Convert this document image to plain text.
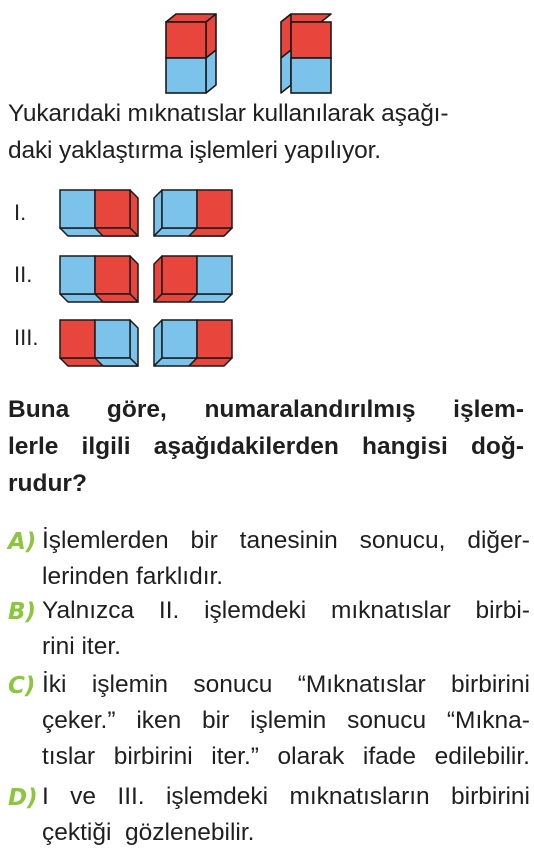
Yukarıdaki mıknatıslar kullanılarak aşağı-
daki yaklaştırma işlemleri yapılıyor.
I.
II.
III.
Buna göre, numaralandırılmış işlem-
lerle ilgili aşağıdakilerden hangisi doğ-
rudur?
A) İşlemlerden bir tanesinin sonucu, diğer-
lerinden farklıdır.
B) Yalnızca II. işlemdeki mıknatıslar birbi-
rini iter.
C) İki işlemin sonucu “Mıknatıslar birbirini
çeker.” iken bir işlemin sonucu “Mıkna-
tıslar birbirini iter.” olarak ifade edilebilir.
D) I ve III. işlemdeki mıknatısların birbirini
çektiği  gözlenebilir.
